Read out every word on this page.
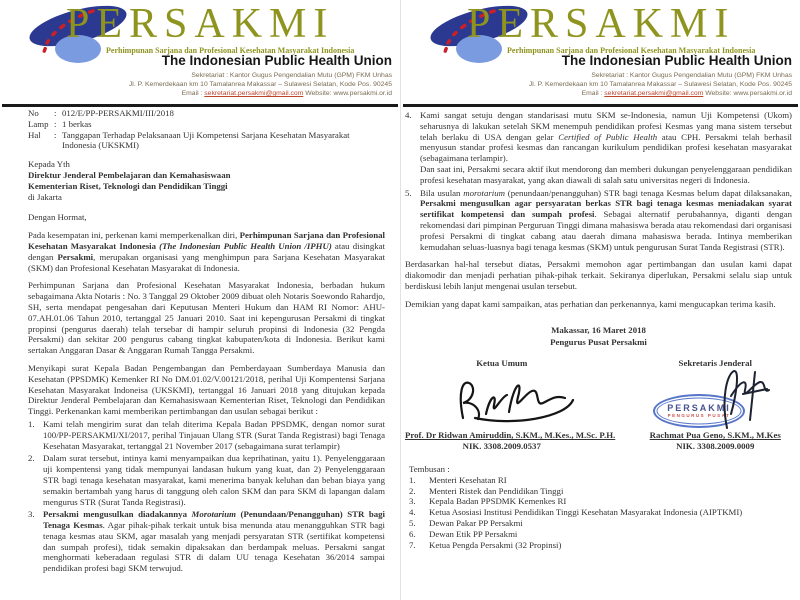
PERSAKMI
Perhimpunan Sarjana dan Profesional Kesehatan Masyarakat Indonesia
The Indonesian Public Health Union
Sekretariat : Kantor Gugus Pengendalian Mutu (GPM) FKM Unhas
Jl. P. Kemerdekaan km 10 Tamalanrea Makassar – Sulawesi Selatan, Kode Pos. 90245
Email : sekretariat.persakmi@gmail.com Website: www.persakmi.or.id
No	: 012/E/PP-PERSAKMI/III/2018
Lamp : 1 berkas
Hal	: Tanggapan Terhadap Pelaksanaan Uji Kompetensi Sarjana Kesehatan Masyarakat Indonesia (UKSKMI)
Kepada Yth
Direktur Jenderal Pembelajaran dan Kemahasiswaan
Kementerian Riset, Teknologi dan Pendidikan Tinggi
di Jakarta
Dengan Hormat,
Pada kesempatan ini, perkenan kami memperkenalkan diri, Perhimpunan Sarjana dan Profesional Kesehatan Masyarakat Indonesia (The Indonesian Public Health Union /IPHU) atau disingkat dengan Persakmi, merupakan organisasi yang menghimpun para Sarjana Kesehatan Masyarakat (SKM) dan Profesional Kesehatan Masyarakat di Indonesia.
Perhimpunan Sarjana dan Profesional Kesehatan Masyarakat Indonesia, berbadan hukum sebagaimana Akta Notaris : No. 3 Tanggal 29 Oktober 2009 dibuat oleh Notaris Soewondo Rahardjo, SH, serta mendapat pengesahan dari Keputusan Menteri Hukum dan HAM RI Nomor: AHU-07.AH.01.06 Tahun 2010, tertanggal 25 Januari 2010. Saat ini kepengurusan Persakmi di tingkat propinsi (pengurus daerah) telah tersebar di hampir seluruh propinsi di Indonesia (32 Pengda Persakmi) dan sekitar 200 pengurus cabang tingkat kabupaten/kota di Indonesia. Berikut kami sertakan Anggaran Dasar & Anggaran Rumah Tangga Persakmi.
Menyikapi surat Kepala Badan Pengembangan dan Pemberdayaan Sumberdaya Manusia dan Kesehatan (PPSDMK) Kemenker RI No DM.01.02/V.00121/2018, perihal Uji Kompentensi Sarjana Kesehatan Masyarakat Indoneisa (UKSKMI), tertanggal 16 Januari 2018 yang ditujukan kepada Direktur Jenderal Pembelajaran dan Kemahasiswaan Kementerian Riset, Teknologi dan Pendidikan Tinggi. Perkenankan kami memberikan pertimbangan dan usulan sebagai berikut :
1. Kami telah mengirim surat dan telah diterima Kepala Badan PPSDMK, dengan nomor surat 100/PP-PERSAKMI/XI/2017, perihal Tinjauan Ulang STR (Surat Tanda Registrasi) bagi Tenaga Kesehatan Masyarakat, tertanggal 21 November 2017 (sebagaimana surat terlampir)
2. Dalam surat tersebut, intinya kami menyampaikan dua keprihatinan, yaitu 1). Penyelenggaraan uji kompentensi yang tidak mempunyai landasan hukum yang kuat, dan 2) Penyelenggaraan STR bagi tenaga kesehatan masyarakat, kami menerima banyak keluhan dan beban biaya yang semakin bertambah yang harus di tanggung oleh calon SKM dan para SKM di lapangan dalam mengurus STR (Surat Tanda Registrasi).
3. Persakmi mengusulkan diadakannya Morotarium (Penundaan/Penangguhan) STR bagi Tenaga Kesmas. Agar pihak-pihak terkait untuk bisa menunda atau menangguhkan STR bagi tenaga kesmas atau SKM, agar masalah yang menjadi persyaratan STR (sertifikat kompetensi dan sumpah profesi), tidak semakin dipaksakan dan berdampak meluas. Persakmi sangat menghormati keberadaan regulasi STR di dalam UU tenaga Kesehatan 36/2014 sampai pendidikan profesi bagi SKM terwujud.
PERSAKMI
Perhimpunan Sarjana dan Profesional Kesehatan Masyarakat Indonesia
The Indonesian Public Health Union
Sekretariat : Kantor Gugus Pengendalian Mutu (GPM) FKM Unhas
Jl. P. Kemerdekaan km 10 Tamalanrea Makassar – Sulawesi Selatan, Kode Pos. 90245
Email : sekretariat.persakmi@gmail.com Website: www.persakmi.or.id
4. Kami sangat setuju dengan standarisasi mutu SKM se-Indonesia, namun Uji Kompetensi (Ukom) seharusnya di lakukan setelah SKM menempuh pendidikan profesi Kesmas yang mana sistem tersebut telah berlaku di USA dengan gelar Certified of Public Health atau CPH. Persakmi telah berhasil menyusun standar profesi kesmas dan rancangan kurikulum pendidikan profesi kesehatan masyarakat (sebagaimana terlampir).
Dan saat ini, Persakmi secara aktif ikut mendorong dan memberi dukungan penyelenggaraan pendidikan profesi kesehatan masyarakat, yang akan diawali di salah satu universitas negeri di Indonesia.
5. Bila usulan morotarium (penundaan/penangguhan) STR bagi tenaga Kesmas belum dapat dilaksanakan, Persakmi mengusulkan agar persyaratan berkas STR bagi tenaga kesmas meniadakan syarat sertifikat kompetensi dan sumpah profesi. Sebagai alternatif perubahannya, diganti dengan rekomendasi dari pimpinan Perguruan Tinggi dimana mahasiswa berada atau rekomendasi dari organisasi profesi Persakmi di tingkat cabang atau daerah dimana mahasiswa berada. Intinya memberikan kemudahan seluas-luasnya bagi tenaga kesmas (SKM) untuk pengurusan Surat Tanda Registrasi (STR).
Berdasarkan hal-hal tersebut diatas, Persakmi memohon agar pertimbangan dan usulan kami dapat diakomodir dan menjadi perhatian pihak-pihak terkait. Sekiranya diperlukan, Persakmi selalu siap untuk berdiskusi lebih lanjut mengenai usulan tersebut.
Demikian yang dapat kami sampaikan, atas perhatian dan perkenannya, kami mengucapkan terima kasih.
Makassar, 16 Maret 2018
Pengurus Pusat Persakmi
Ketua Umum	Sekretaris Jenderal
PERSAKMI
PENGURUS PUSAT
Prof. Dr Ridwan Amiruddin, S.KM., M.Kes., M.Sc. P.H.
NIK. 3308.2009.0537
Rachmat Pua Geno, S.KM., M.Kes
NIK. 3308.2009.0009
Tembusan :
1.	Menteri Kesehatan RI
2.	Menteri Ristek dan Pendidikan Tinggi
3.	Kepala Badan PPSDMK Kemenkes RI
4.	Ketua Asosiasi Institusi Pendidikan Tinggi Kesehatan Masyarakat Indonesia (AIPTKMI)
5.	Dewan Pakar PP Persakmi
6.	Dewan Etik PP Persakmi
7.	Ketua Pengda Persakmi (32 Propinsi)
